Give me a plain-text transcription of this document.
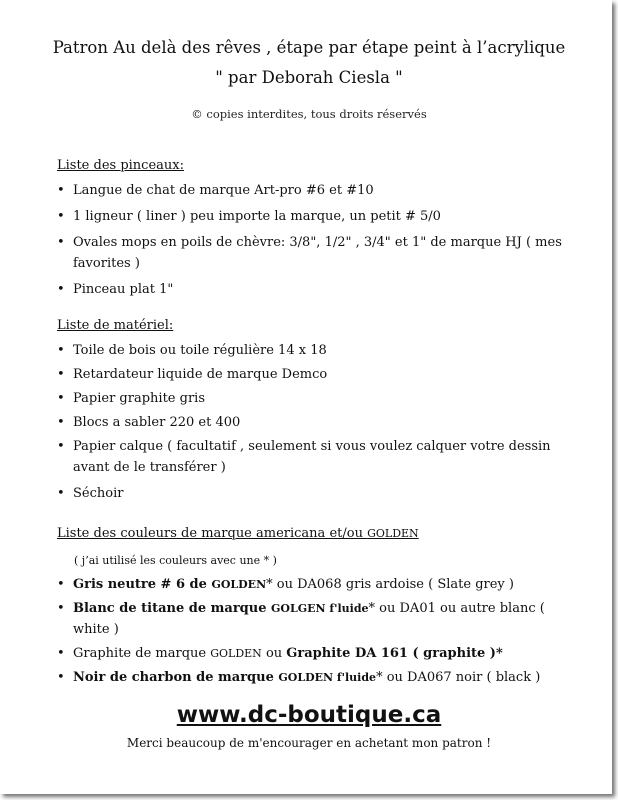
Patron Au delà des rêves , étape par étape peint à l’acrylique
" par Deborah Ciesla "
© copies interdites, tous droits réservés
Liste des pinceaux:
• Langue de chat de marque Art-pro #6 et #10
• 1 ligneur ( liner ) peu importe la marque, un petit # 5/0
• Ovales mops en poils de chèvre: 3/8", 1/2" , 3/4" et 1" de marque HJ ( mes favorites )
• Pinceau plat 1"
Liste de matériel:
• Toile de bois ou toile régulière 14 x 18
• Retardateur liquide de marque Demco
• Papier graphite gris
• Blocs a sabler 220 et 400
• Papier calque ( facultatif , seulement si vous voulez calquer votre dessin avant de le transférer )
• Séchoir
Liste des couleurs de marque americana et/ou GOLDEN
( j’ai utilisé les couleurs avec une * )
• Gris neutre # 6 de GOLDEN* ou DA068 gris ardoise ( Slate grey )
• Blanc de titane de marque GOLGEN f'luide* ou DA01 ou autre blanc ( white )
• Graphite de marque GOLDEN ou Graphite DA 161 ( graphite )*
• Noir de charbon de marque GOLDEN f'luide* ou DA067 noir ( black )
www.dc-boutique.ca
Merci beaucoup de m'encourager en achetant mon patron !
